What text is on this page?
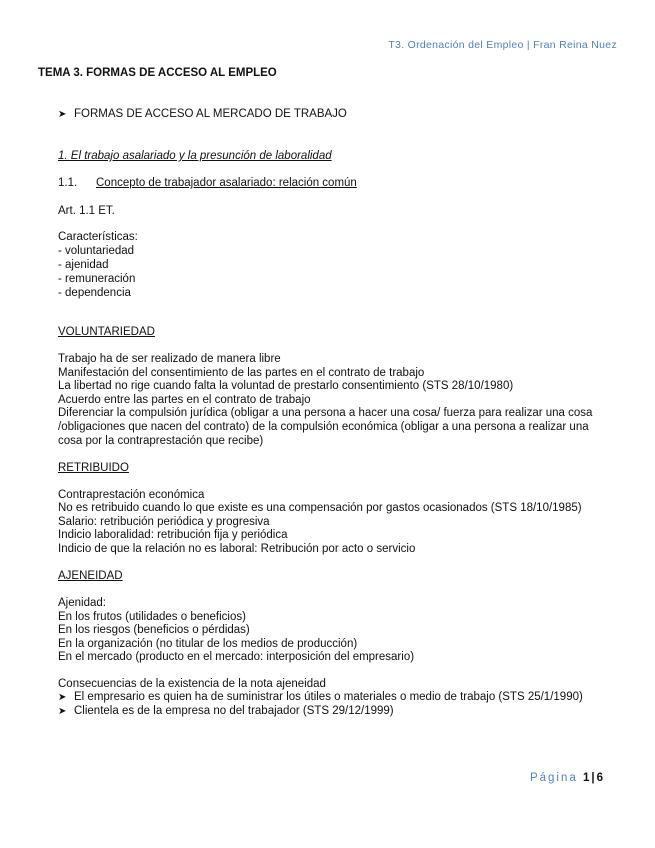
T3. Ordenación del Empleo | Fran Reina Nuez
TEMA 3. FORMAS DE ACCESO AL EMPLEO
➤ FORMAS DE ACCESO AL MERCADO DE TRABAJO
1. El trabajo asalariado y la presunción de laboralidad
1.1. Concepto de trabajador asalariado: relación común
Art. 1.1 ET.
Características:
- voluntariedad
- ajenidad
- remuneración
- dependencia
VOLUNTARIEDAD
Trabajo ha de ser realizado de manera libre
Manifestación del consentimiento de las partes en el contrato de trabajo
La libertad no rige cuando falta la voluntad de prestarlo consentimiento (STS 28/10/1980)
Acuerdo entre las partes en el contrato de trabajo
Diferenciar la compulsión jurídica (obligar a una persona a hacer una cosa/ fuerza para realizar una cosa
/obligaciones que nacen del contrato) de la compulsión económica (obligar a una persona a realizar una
cosa por la contraprestación que recibe)
RETRIBUIDO
Contraprestación económica
No es retribuido cuando lo que existe es una compensación por gastos ocasionados (STS 18/10/1985)
Salario: retribución periódica y progresiva
Indicio laboralidad: retribución fija y periódica
Indicio de que la relación no es laboral: Retribución por acto o servicio
AJENEIDAD
Ajenidad:
En los frutos (utilidades o beneficios)
En los riesgos (beneficios o pérdidas)
En la organización (no titular de los medios de producción)
En el mercado (producto en el mercado: interposición del empresario)
Consecuencias de la existencia de la nota ajeneidad
➤ El empresario es quien ha de suministrar los útiles o materiales o medio de trabajo (STS 25/1/1990)
➤ Clientela es de la empresa no del trabajador (STS 29/12/1999)
Página 1 | 6
